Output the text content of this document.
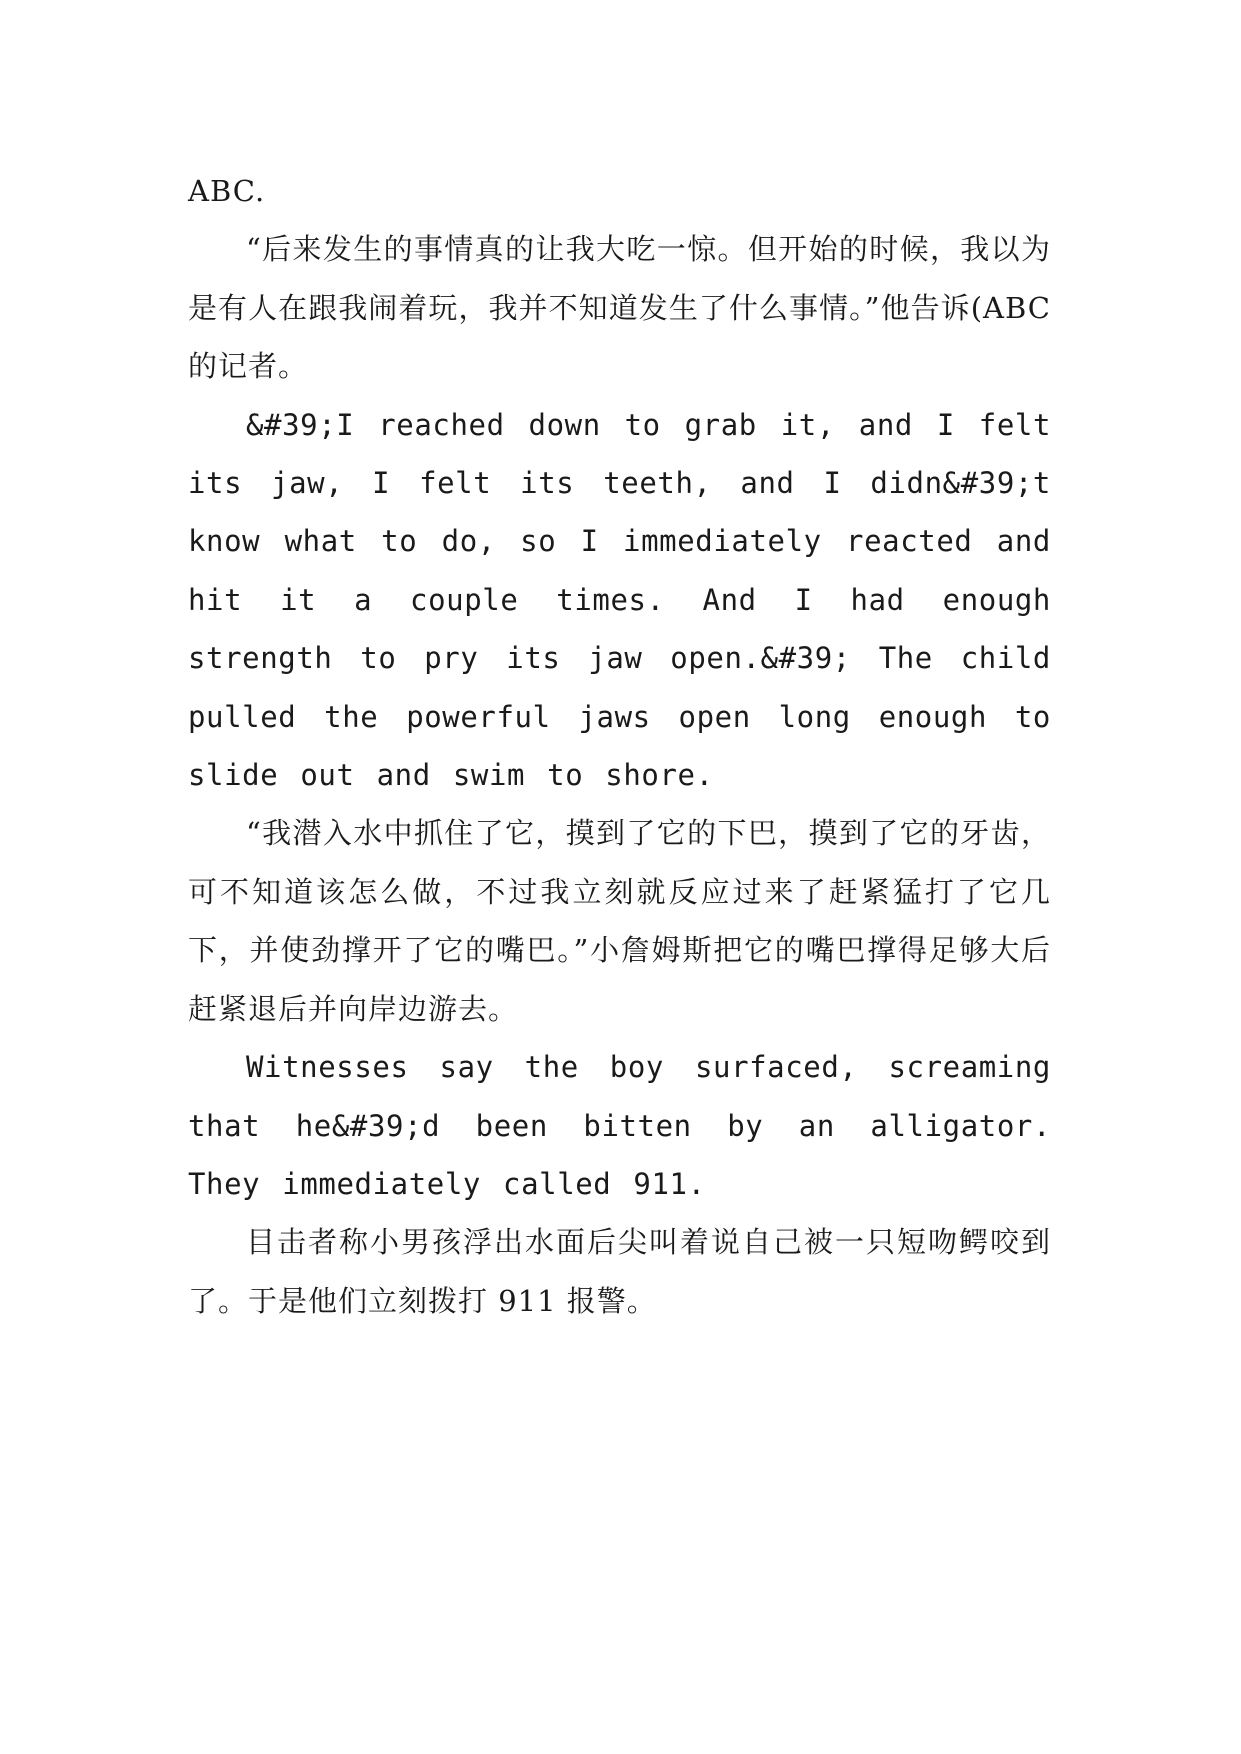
ABC.

“后来发生的事情真的让我大吃一惊。但开始的时候，我以为是有人在跟我闹着玩，我并不知道发生了什么事情。”他告诉(ABC 的记者。

&#39;I reached down to grab it, and I felt its jaw, I felt its teeth, and I didn&#39;t know what to do, so I immediately reacted and hit it a couple times. And I had enough strength to pry its jaw open.&#39; The child pulled the powerful jaws open long enough to slide out and swim to shore.

“我潜入水中抓住了它，摸到了它的下巴，摸到了它的牙齿，可不知道该怎么做，不过我立刻就反应过来了赶紧猛打了它几下，并使劲撑开了它的嘴巴。”小詹姆斯把它的嘴巴撑得足够大后赶紧退后并向岸边游去。

Witnesses say the boy surfaced, screaming that he&#39;d been bitten by an alligator. They immediately called 911.

目击者称小男孩浮出水面后尖叫着说自己被一只短吻鳄咬到了。于是他们立刻拨打 911 报警。
